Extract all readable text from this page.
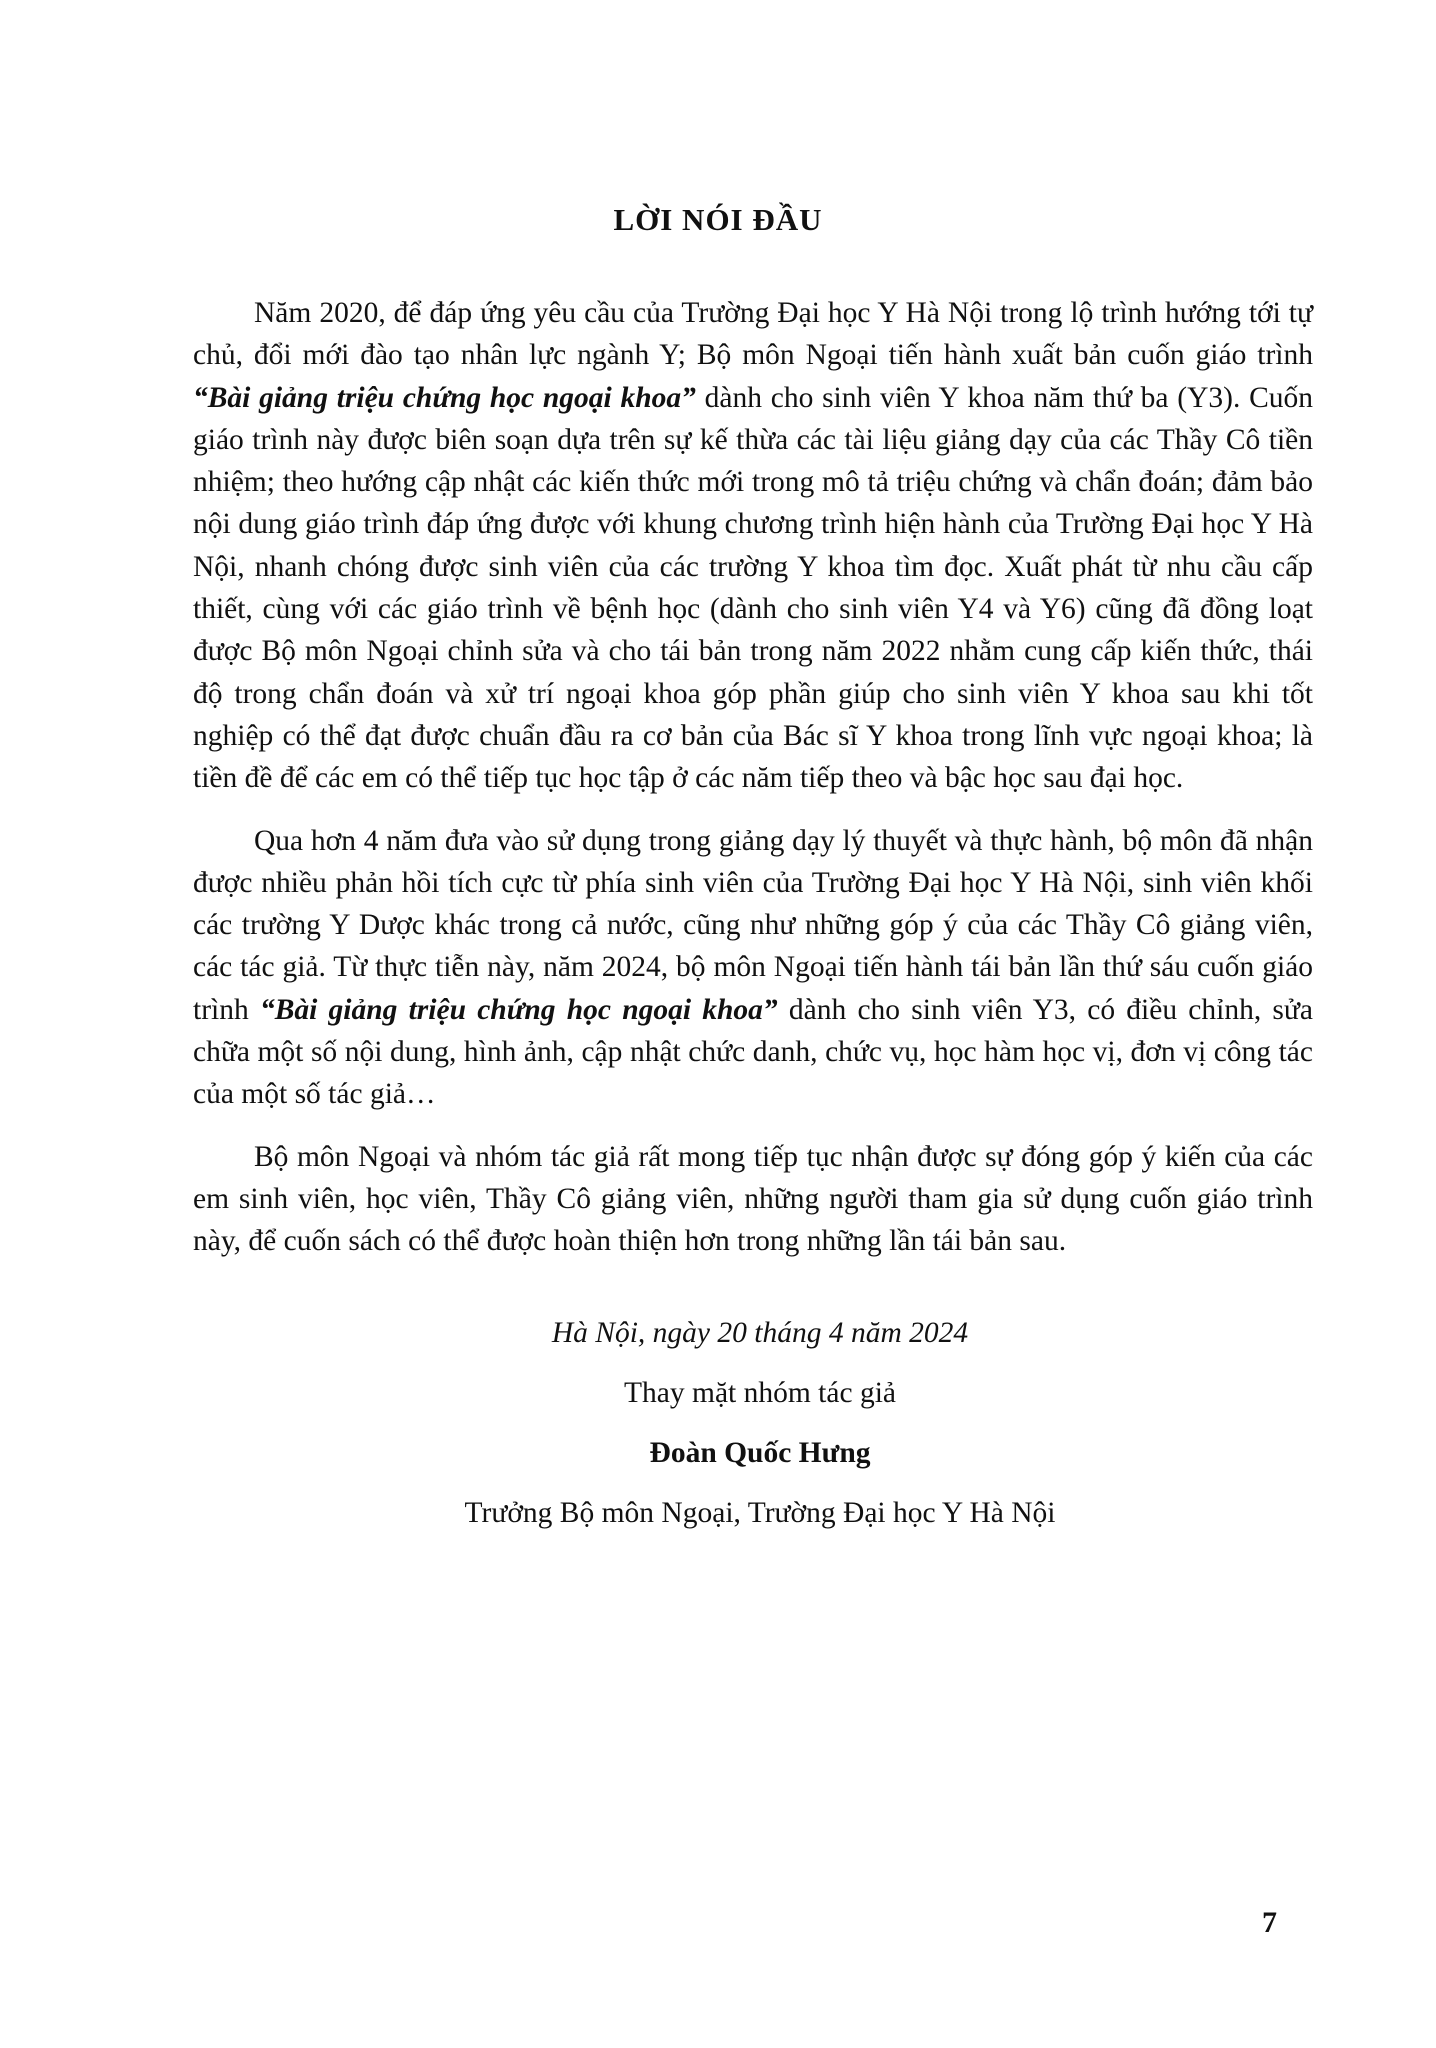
LỜI NÓI ĐẦU

Năm 2020, để đáp ứng yêu cầu của Trường Đại học Y Hà Nội trong lộ trình hướng tới tự chủ, đổi mới đào tạo nhân lực ngành Y; Bộ môn Ngoại tiến hành xuất bản cuốn giáo trình “Bài giảng triệu chứng học ngoại khoa” dành cho sinh viên Y khoa năm thứ ba (Y3). Cuốn giáo trình này được biên soạn dựa trên sự kế thừa các tài liệu giảng dạy của các Thầy Cô tiền nhiệm; theo hướng cập nhật các kiến thức mới trong mô tả triệu chứng và chẩn đoán; đảm bảo nội dung giáo trình đáp ứng được với khung chương trình hiện hành của Trường Đại học Y Hà Nội, nhanh chóng được sinh viên của các trường Y khoa tìm đọc. Xuất phát từ nhu cầu cấp thiết, cùng với các giáo trình về bệnh học (dành cho sinh viên Y4 và Y6) cũng đã đồng loạt được Bộ môn Ngoại chỉnh sửa và cho tái bản trong năm 2022 nhằm cung cấp kiến thức, thái độ trong chẩn đoán và xử trí ngoại khoa góp phần giúp cho sinh viên Y khoa sau khi tốt nghiệp có thể đạt được chuẩn đầu ra cơ bản của Bác sĩ Y khoa trong lĩnh vực ngoại khoa; là tiền đề để các em có thể tiếp tục học tập ở các năm tiếp theo và bậc học sau đại học.

Qua hơn 4 năm đưa vào sử dụng trong giảng dạy lý thuyết và thực hành, bộ môn đã nhận được nhiều phản hồi tích cực từ phía sinh viên của Trường Đại học Y Hà Nội, sinh viên khối các trường Y Dược khác trong cả nước, cũng như những góp ý của các Thầy Cô giảng viên, các tác giả. Từ thực tiễn này, năm 2024, bộ môn Ngoại tiến hành tái bản lần thứ sáu cuốn giáo trình “Bài giảng triệu chứng học ngoại khoa” dành cho sinh viên Y3, có điều chỉnh, sửa chữa một số nội dung, hình ảnh, cập nhật chức danh, chức vụ, học hàm học vị, đơn vị công tác của một số tác giả…

Bộ môn Ngoại và nhóm tác giả rất mong tiếp tục nhận được sự đóng góp ý kiến của các em sinh viên, học viên, Thầy Cô giảng viên, những người tham gia sử dụng cuốn giáo trình này, để cuốn sách có thể được hoàn thiện hơn trong những lần tái bản sau.

Hà Nội, ngày 20 tháng 4 năm 2024
Thay mặt nhóm tác giả
Đoàn Quốc Hưng
Trưởng Bộ môn Ngoại, Trường Đại học Y Hà Nội
7
